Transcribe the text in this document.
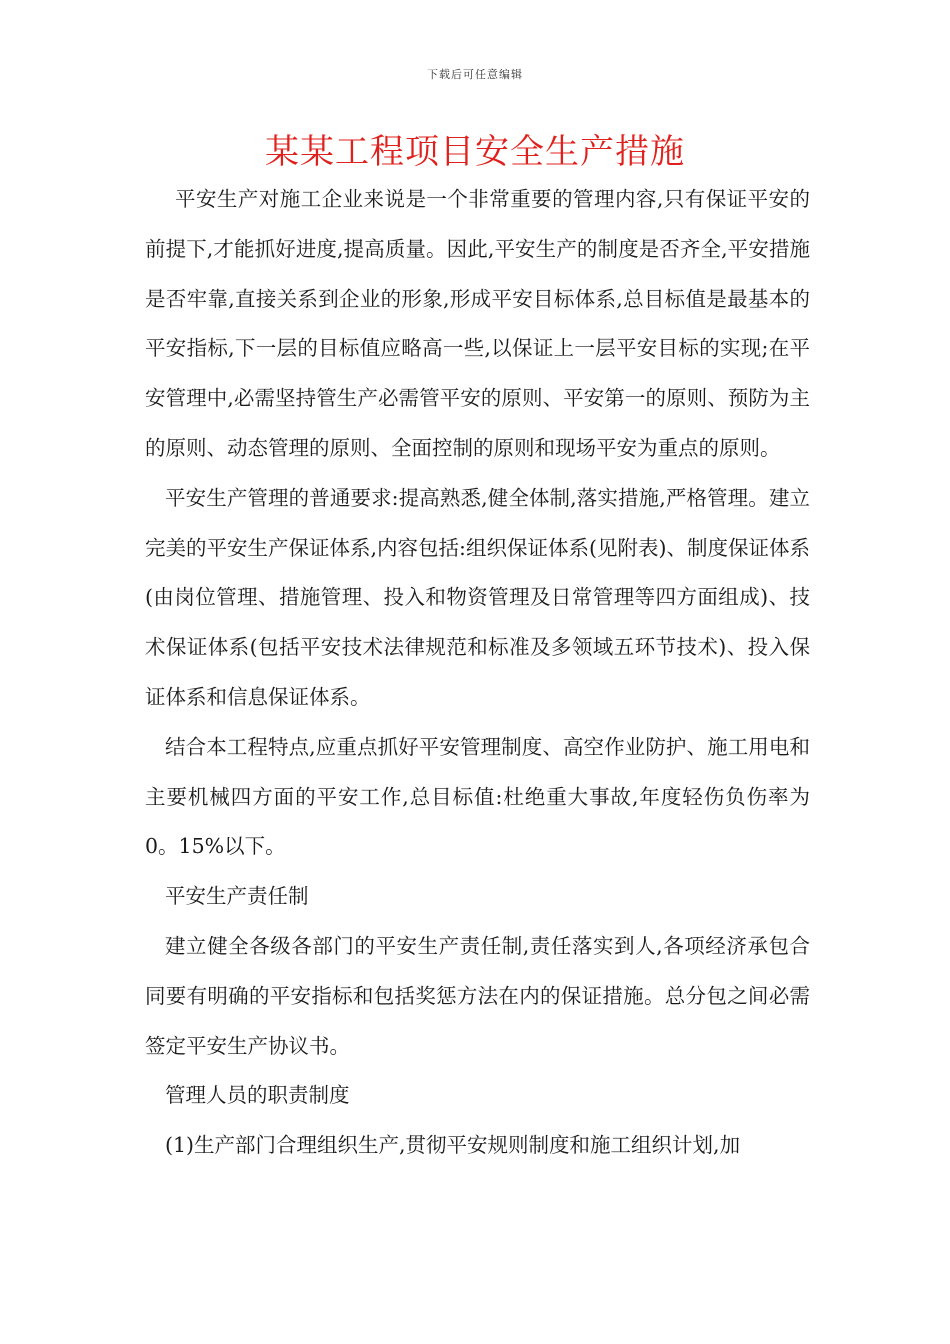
下载后可任意编辑
某某工程项目安全生产措施

平安生产对施工企业来说是一个非常重要的管理内容,只有保证平安的前提下,才能抓好进度,提高质量。因此,平安生产的制度是否齐全,平安措施是否牢靠,直接关系到企业的形象,形成平安目标体系,总目标值是最基本的平安指标,下一层的目标值应略高一些,以保证上一层平安目标的实现;在平安管理中,必需坚持管生产必需管平安的原则、平安第一的原则、预防为主的原则、动态管理的原则、全面控制的原则和现场平安为重点的原则。

平安生产管理的普通要求:提高熟悉,健全体制,落实措施,严格管理。建立完美的平安生产保证体系,内容包括:组织保证体系(见附表)、制度保证体系(由岗位管理、措施管理、投入和物资管理及日常管理等四方面组成)、技术保证体系(包括平安技术法律规范和标准及多领域五环节技术)、投入保证体系和信息保证体系。

结合本工程特点,应重点抓好平安管理制度、高空作业防护、施工用电和主要机械四方面的平安工作,总目标值:杜绝重大事故,年度轻伤负伤率为0。15%以下。

平安生产责任制

建立健全各级各部门的平安生产责任制,责任落实到人,各项经济承包合同要有明确的平安指标和包括奖惩方法在内的保证措施。总分包之间必需签定平安生产协议书。

管理人员的职责制度

(1)生产部门合理组织生产,贯彻平安规则制度和施工组织计划,加
